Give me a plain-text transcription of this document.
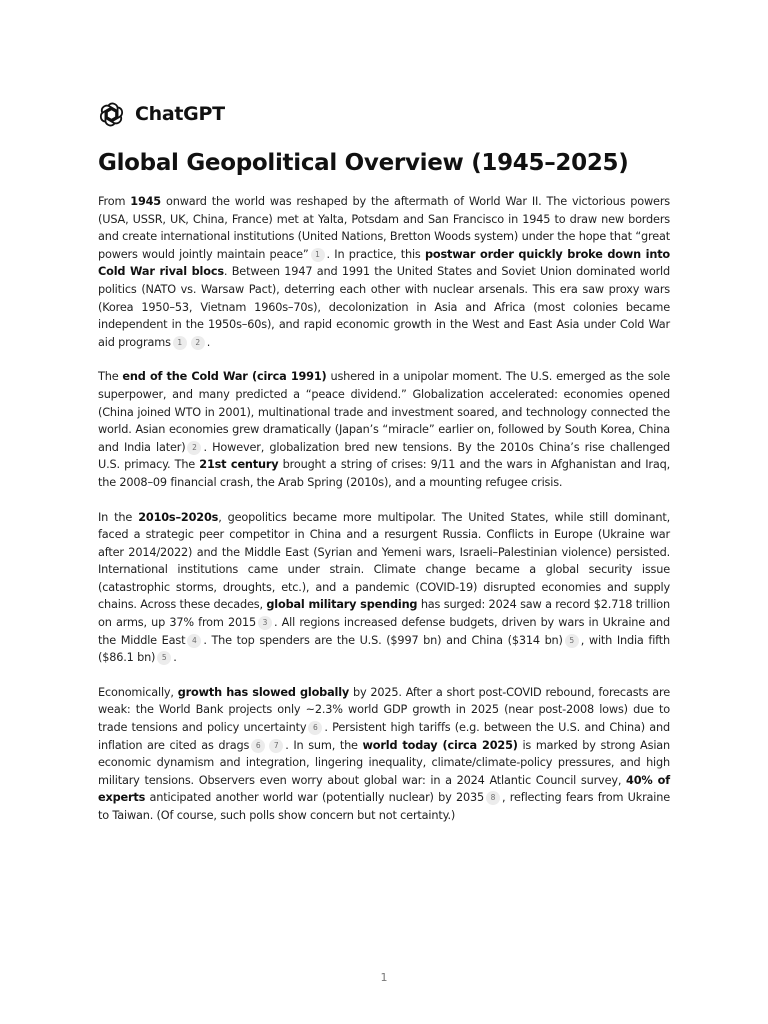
ChatGPT
Global Geopolitical Overview (1945–2025)

From 1945 onward the world was reshaped by the aftermath of World War II. The victorious powers (USA, USSR, UK, China, France) met at Yalta, Potsdam and San Francisco in 1945 to draw new borders and create international institutions (United Nations, Bretton Woods system) under the hope that “great powers would jointly maintain peace” 1 . In practice, this postwar order quickly broke down into Cold War rival blocs. Between 1947 and 1991 the United States and Soviet Union dominated world politics (NATO vs. Warsaw Pact), deterring each other with nuclear arsenals. This era saw proxy wars (Korea 1950–53, Vietnam 1960s–70s), decolonization in Asia and Africa (most colonies became independent in the 1950s–60s), and rapid economic growth in the West and East Asia under Cold War aid programs 1 2 .

The end of the Cold War (circa 1991) ushered in a unipolar moment. The U.S. emerged as the sole superpower, and many predicted a “peace dividend.” Globalization accelerated: economies opened (China joined WTO in 2001), multinational trade and investment soared, and technology connected the world. Asian economies grew dramatically (Japan’s “miracle” earlier on, followed by South Korea, China and India later) 2 . However, globalization bred new tensions. By the 2010s China’s rise challenged U.S. primacy. The 21st century brought a string of crises: 9/11 and the wars in Afghanistan and Iraq, the 2008–09 financial crash, the Arab Spring (2010s), and a mounting refugee crisis.

In the 2010s–2020s, geopolitics became more multipolar. The United States, while still dominant, faced a strategic peer competitor in China and a resurgent Russia. Conflicts in Europe (Ukraine war after 2014/2022) and the Middle East (Syrian and Yemeni wars, Israeli–Palestinian violence) persisted. International institutions came under strain. Climate change became a global security issue (catastrophic storms, droughts, etc.), and a pandemic (COVID-19) disrupted economies and supply chains. Across these decades, global military spending has surged: 2024 saw a record $2.718 trillion on arms, up 37% from 2015 3 . All regions increased defense budgets, driven by wars in Ukraine and the Middle East 4 . The top spenders are the U.S. ($997 bn) and China ($314 bn) 5 , with India fifth ($86.1 bn) 5 .

Economically, growth has slowed globally by 2025. After a short post-COVID rebound, forecasts are weak: the World Bank projects only ~2.3% world GDP growth in 2025 (near post-2008 lows) due to trade tensions and policy uncertainty 6 . Persistent high tariffs (e.g. between the U.S. and China) and inflation are cited as drags 6 7 . In sum, the world today (circa 2025) is marked by strong Asian economic dynamism and integration, lingering inequality, climate/climate-policy pressures, and high military tensions. Observers even worry about global war: in a 2024 Atlantic Council survey, 40% of experts anticipated another world war (potentially nuclear) by 2035 8 , reflecting fears from Ukraine to Taiwan. (Of course, such polls show concern but not certainty.)

1
